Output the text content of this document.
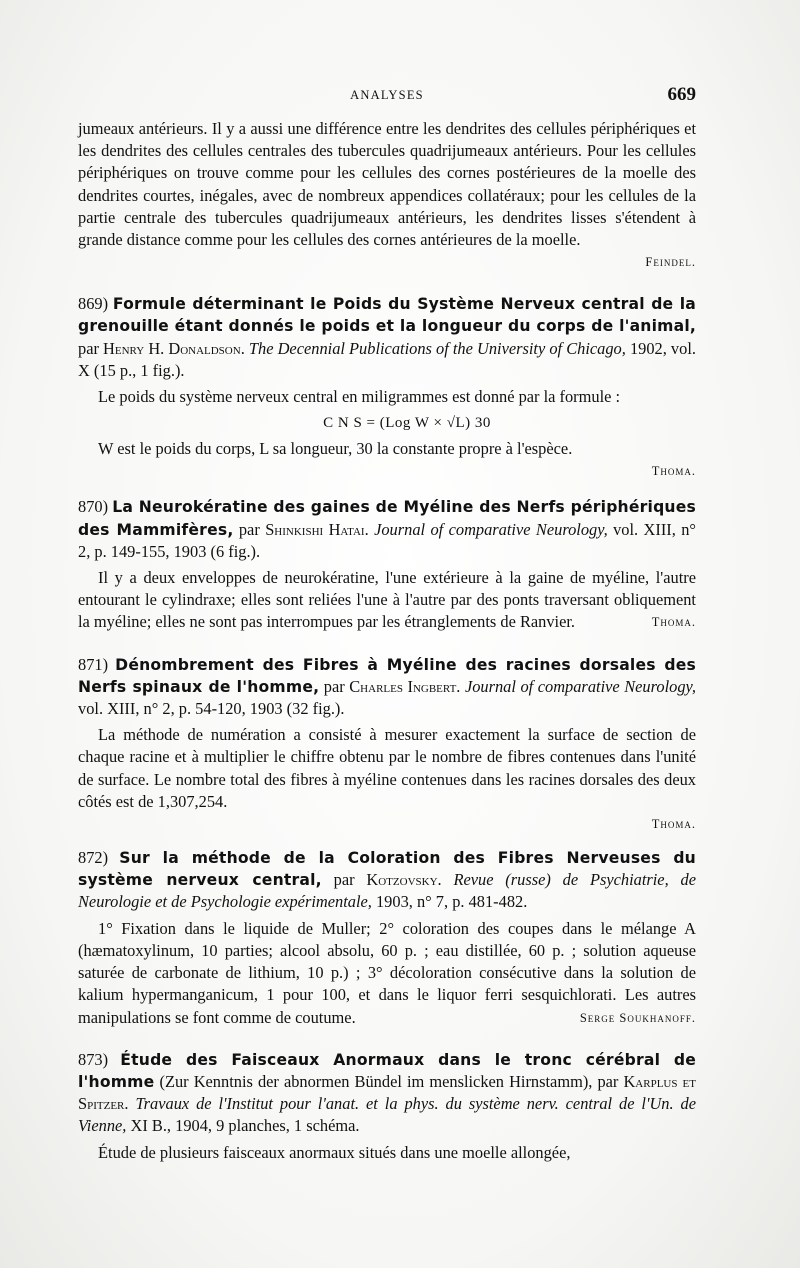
ANALYSES	669

jumeaux antérieurs. Il y a aussi une différence entre les dendrites des cellules périphériques et les dendrites des cellules centrales des tubercules quadrijumeaux antérieurs. Pour les cellules périphériques on trouve comme pour les cellules des cornes postérieures de la moelle des dendrites courtes, inégales, avec de nombreux appendices collatéraux; pour les cellules de la partie centrale des tubercules quadrijumeaux antérieurs, les dendrites lisses s'étendent à grande distance comme pour les cellules des cornes antérieures de la moelle.

Feindel.

869) Formule déterminant le Poids du Système Nerveux central de la grenouille étant donnés le poids et la longueur du corps de l'animal, par Henry H. Donaldson. The Decennial Publications of the University of Chicago, 1902, vol. X (15 p., 1 fig.).

Le poids du système nerveux central en miligrammes est donné par la formule :

C N S = (Log W × √L) 30

W est le poids du corps, L sa longueur, 30 la constante propre à l'espèce.

Thoma.

870) La Neurokératine des gaines de Myéline des Nerfs périphériques des Mammifères, par Shinkishi Hatai. Journal of comparative Neurology, vol. XIII, n° 2, p. 149-155, 1903 (6 fig.).

Il y a deux enveloppes de neurokératine, l'une extérieure à la gaine de myéline, l'autre entourant le cylindraxe; elles sont reliées l'une à l'autre par des ponts traversant obliquement la myéline; elles ne sont pas interrompues par les étranglements de Ranvier.	Thoma.

871) Dénombrement des Fibres à Myéline des racines dorsales des Nerfs spinaux de l'homme, par Charles Ingbert. Journal of comparative Neurology, vol. XIII, n° 2, p. 54-120, 1903 (32 fig.).

La méthode de numération a consisté à mesurer exactement la surface de section de chaque racine et à multiplier le chiffre obtenu par le nombre de fibres contenues dans l'unité de surface. Le nombre total des fibres à myéline contenues dans les racines dorsales des deux côtés est de 1,307,254.

Thoma.

872) Sur la méthode de la Coloration des Fibres Nerveuses du système nerveux central, par Kotzovsky. Revue (russe) de Psychiatrie, de Neurologie et de Psychologie expérimentale, 1903, n° 7, p. 481-482.

1° Fixation dans le liquide de Muller; 2° coloration des coupes dans le mélange A (hæmatoxylinum, 10 parties; alcool absolu, 60 p. ; eau distillée, 60 p. ; solution aqueuse saturée de carbonate de lithium, 10 p.) ; 3° décoloration consécutive dans la solution de kalium hypermanganicum, 1 pour 100, et dans le liquor ferri sesquichlorati. Les autres manipulations se font comme de coutume.	Serge Soukhanoff.

873) Étude des Faisceaux Anormaux dans le tronc cérébral de l'homme (Zur Kenntnis der abnormen Bündel im menslicken Hirnstamm), par Karplus et Spitzer. Travaux de l'Institut pour l'anat. et la phys. du système nerv. central de l'Un. de Vienne, XI B., 1904, 9 planches, 1 schéma.

Étude de plusieurs faisceaux anormaux situés dans une moelle allongée,
